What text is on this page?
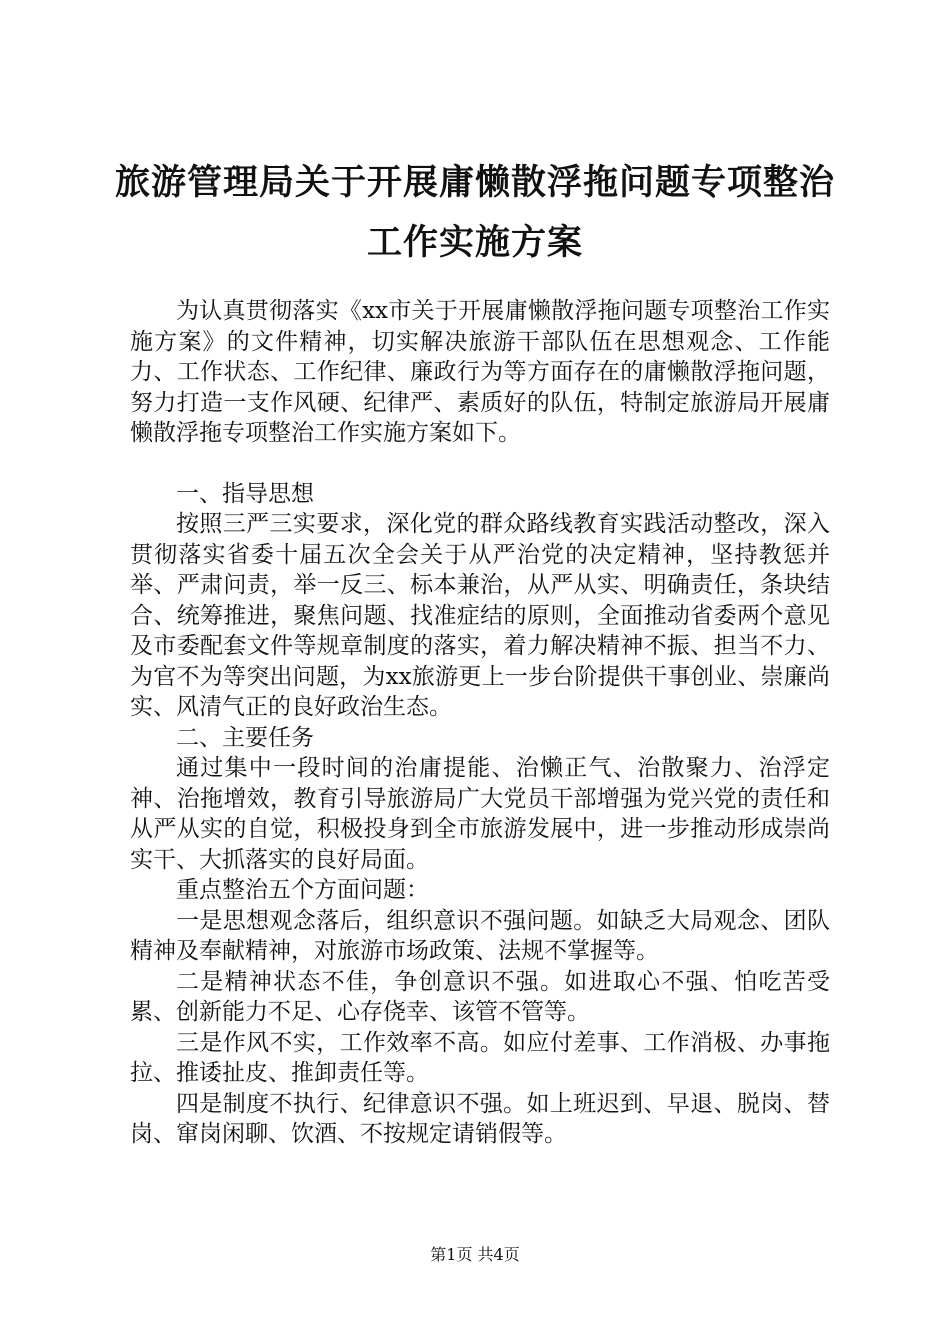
旅游管理局关于开展庸懒散浮拖问题专项整治
工作实施方案

为认真贯彻落实《xx市关于开展庸懒散浮拖问题专项整治工作实施方案》的文件精神，切实解决旅游干部队伍在思想观念、工作能力、工作状态、工作纪律、廉政行为等方面存在的庸懒散浮拖问题，努力打造一支作风硬、纪律严、素质好的队伍，特制定旅游局开展庸懒散浮拖专项整治工作实施方案如下。

一、指导思想

按照三严三实要求，深化党的群众路线教育实践活动整改，深入贯彻落实省委十届五次全会关于从严治党的决定精神，坚持教惩并举、严肃问责，举一反三、标本兼治，从严从实、明确责任，条块结合、统筹推进，聚焦问题、找准症结的原则，全面推动省委两个意见及市委配套文件等规章制度的落实，着力解决精神不振、担当不力、为官不为等突出问题，为xx旅游更上一步台阶提供干事创业、崇廉尚实、风清气正的良好政治生态。

二、主要任务

通过集中一段时间的治庸提能、治懒正气、治散聚力、治浮定神、治拖增效，教育引导旅游局广大党员干部增强为党兴党的责任和从严从实的自觉，积极投身到全市旅游发展中，进一步推动形成崇尚实干、大抓落实的良好局面。

重点整治五个方面问题：

一是思想观念落后，组织意识不强问题。如缺乏大局观念、团队精神及奉献精神，对旅游市场政策、法规不掌握等。

二是精神状态不佳，争创意识不强。如进取心不强、怕吃苦受累、创新能力不足、心存侥幸、该管不管等。

三是作风不实，工作效率不高。如应付差事、工作消极、办事拖拉、推诿扯皮、推卸责任等。

四是制度不执行、纪律意识不强。如上班迟到、早退、脱岗、替岗、窜岗闲聊、饮酒、不按规定请销假等。

第1页 共4页
